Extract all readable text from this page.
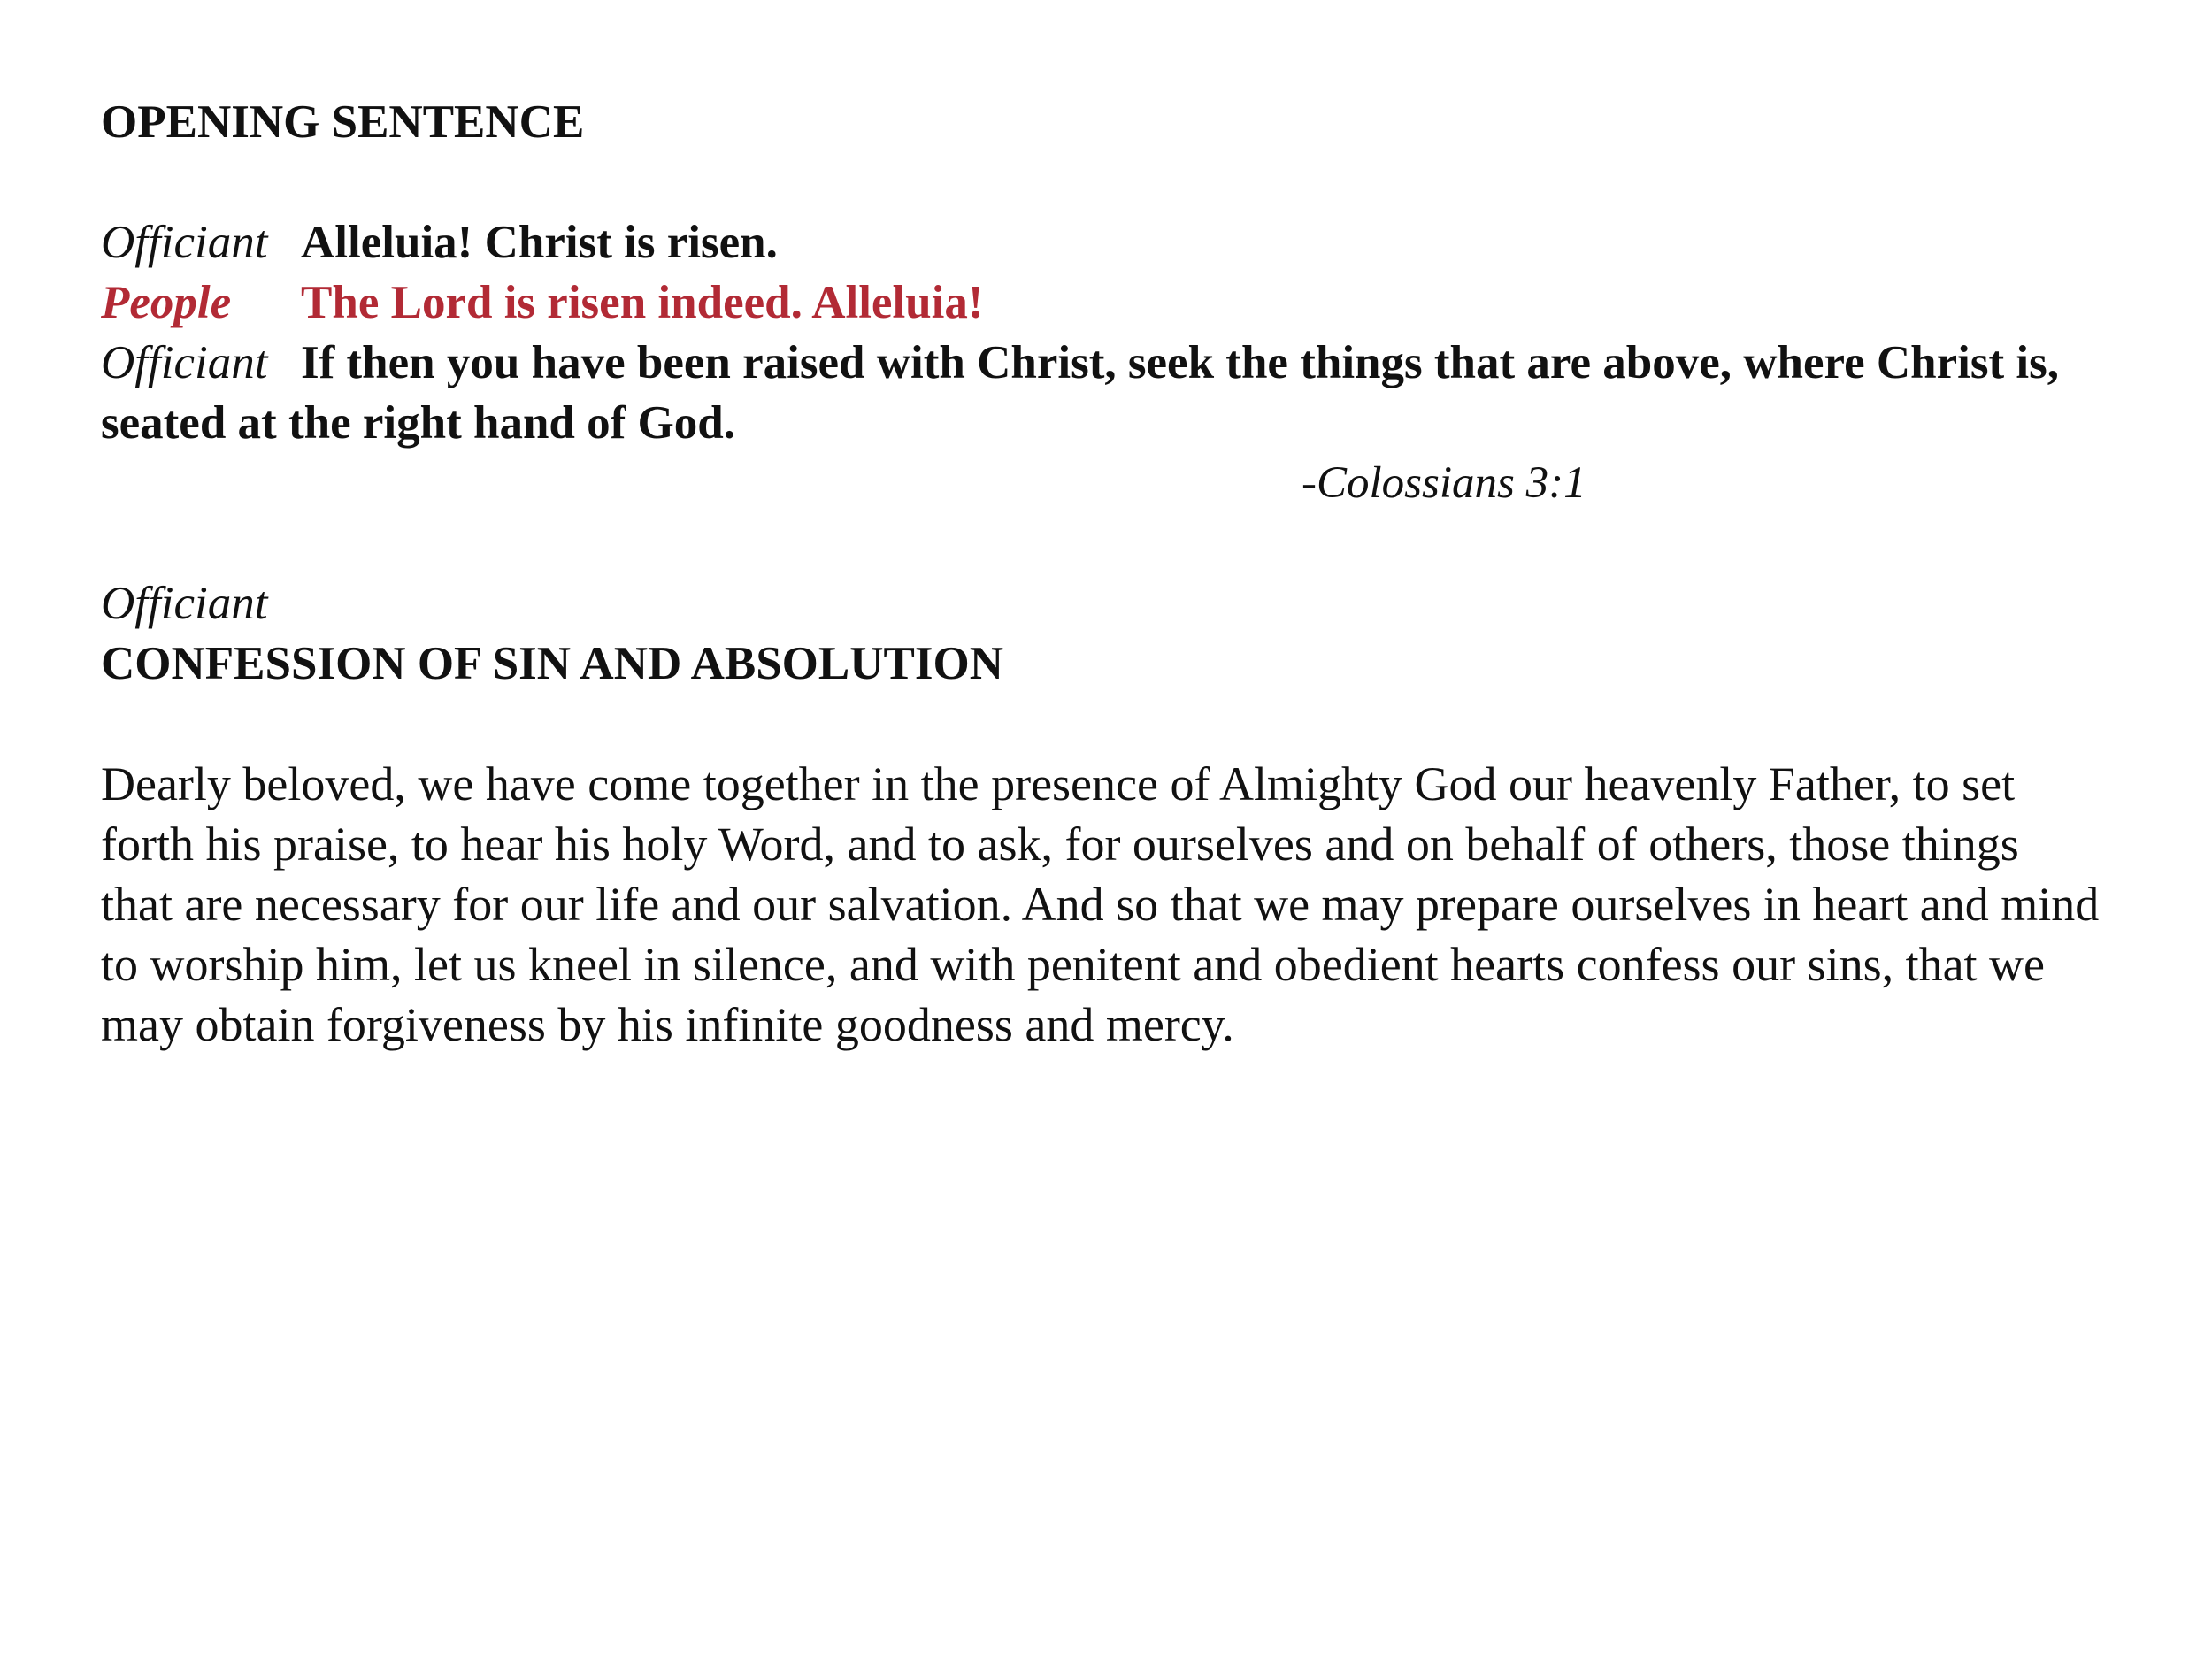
OPENING SENTENCE
Officiant Alleluia! Christ is risen.
People The Lord is risen indeed. Alleluia!
Officiant If then you have been raised with Christ, seek the things that are above, where Christ is,
seated at the right hand of God.
-Colossians 3:1
Officiant
CONFESSION OF SIN AND ABSOLUTION
Dearly beloved, we have come together in the presence of Almighty God our heavenly Father, to set
forth his praise, to hear his holy Word, and to ask, for ourselves and on behalf of others, those things
that are necessary for our life and our salvation. And so that we may prepare ourselves in heart and mind
to worship him, let us kneel in silence, and with penitent and obedient hearts confess our sins, that we
may obtain forgiveness by his infinite goodness and mercy.
